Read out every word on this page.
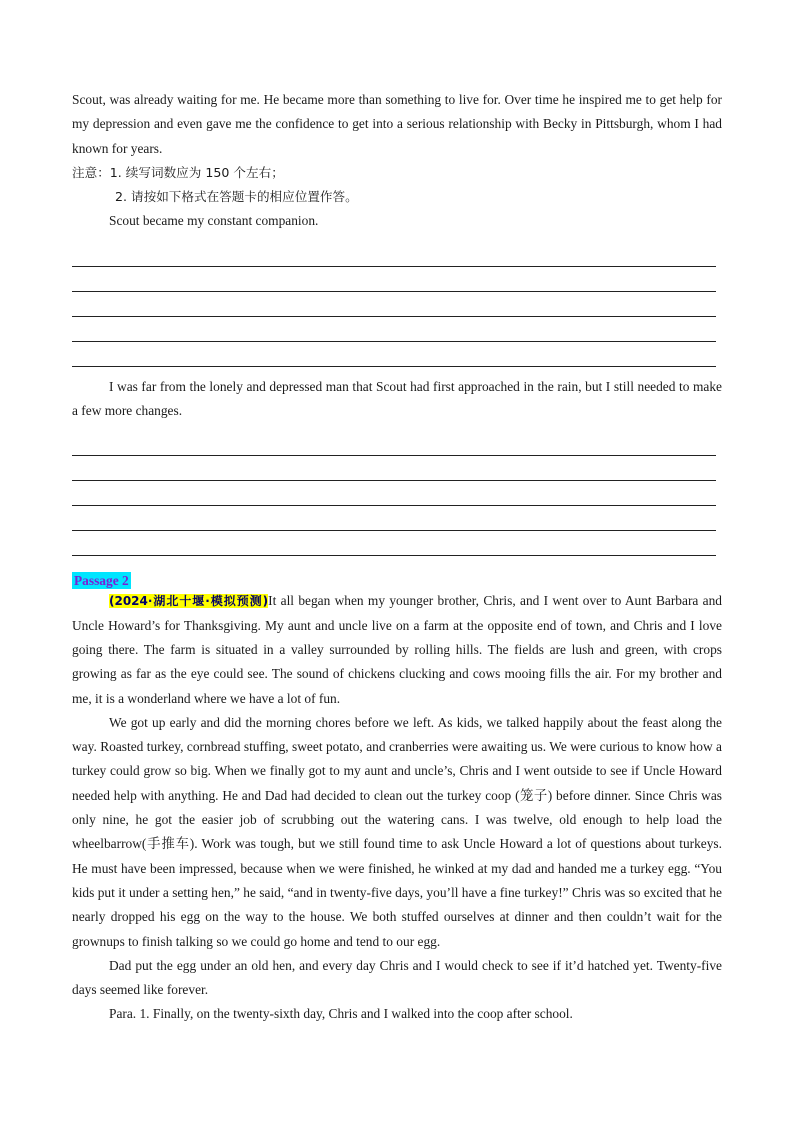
Scout, was already waiting for me. He became more than something to live for. Over time he inspired me to get help for my depression and even gave me the confidence to get into a serious relationship with Becky in Pittsburgh, whom I had known for years.

注意：1. 续写词数应为 150 个左右；

2. 请按如下格式在答题卡的相应位置作答。

Scout became my constant companion.

I was far from the lonely and depressed man that Scout had first approached in the rain, but I still needed to make a few more changes.

Passage 2

(2024·湖北十堰·模拟预测)It all began when my younger brother, Chris, and I went over to Aunt Barbara and Uncle Howard’s for Thanksgiving. My aunt and uncle live on a farm at the opposite end of town, and Chris and I love going there. The farm is situated in a valley surrounded by rolling hills. The fields are lush and green, with crops growing as far as the eye could see. The sound of chickens clucking and cows mooing fills the air. For my brother and me, it is a wonderland where we have a lot of fun.

We got up early and did the morning chores before we left. As kids, we talked happily about the feast along the way. Roasted turkey, cornbread stuffing, sweet potato, and cranberries were awaiting us. We were curious to know how a turkey could grow so big. When we finally got to my aunt and uncle’s, Chris and I went outside to see if Uncle Howard needed help with anything. He and Dad had decided to clean out the turkey coop (笼子) before dinner. Since Chris was only nine, he got the easier job of scrubbing out the watering cans. I was twelve, old enough to help load the wheelbarrow(手推车). Work was tough, but we still found time to ask Uncle Howard a lot of questions about turkeys. He must have been impressed, because when we were finished, he winked at my dad and handed me a turkey egg. “You kids put it under a setting hen,” he said, “and in twenty-five days, you’ll have a fine turkey!” Chris was so excited that he nearly dropped his egg on the way to the house. We both stuffed ourselves at dinner and then couldn’t wait for the grownups to finish talking so we could go home and tend to our egg.

Dad put the egg under an old hen, and every day Chris and I would check to see if it’d hatched yet. Twenty-five days seemed like forever.

Para. 1. Finally, on the twenty-sixth day, Chris and I walked into the coop after school.
